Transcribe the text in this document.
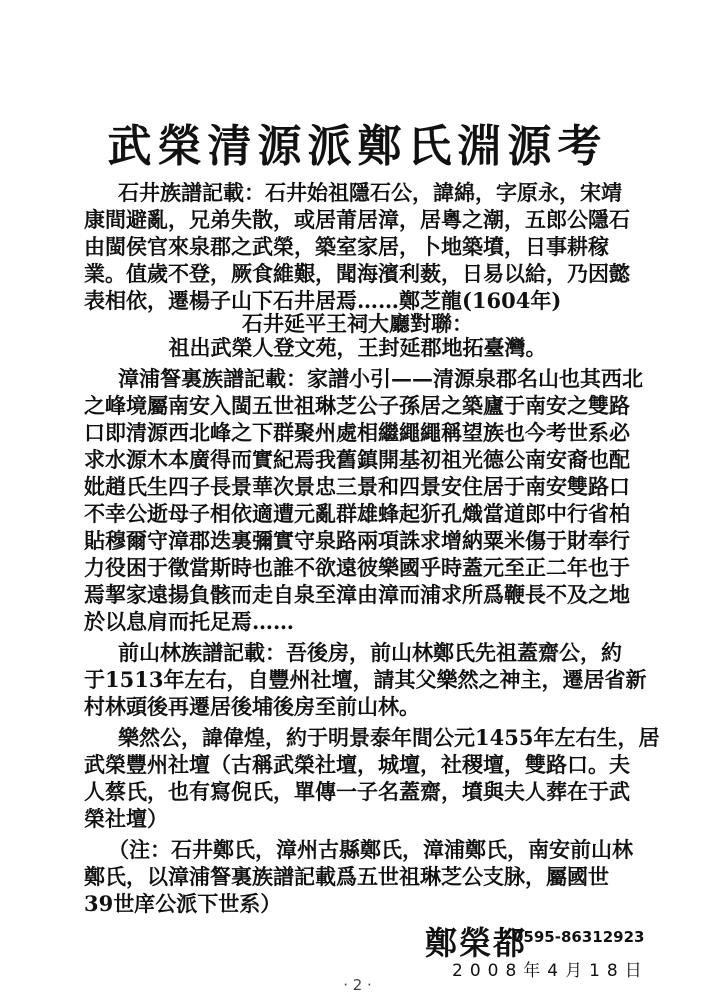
武榮清源派鄭氏淵源考
石井族譜記載：石井始祖隱石公，諱綿，字原永，宋靖
康間避亂，兄弟失散，或居莆居漳，居粵之潮，五郎公隱石
由閩侯官來泉郡之武榮，築室家居，卜地築墳，日事耕稼
業。值歲不登，厥食維艱，聞海濱利薮，日易以給，乃因懿
表相依，遷楊子山下石井居焉……鄭芝龍(1604年)
石井延平王祠大廳對聯：
祖出武榮人登文苑，王封延郡地拓臺灣。
漳浦詧裏族譜記載：家譜小引——清源泉郡名山也其西北
之峰境屬南安入閩五世祖琳芝公子孫居之築廬于南安之雙路
口即清源西北峰之下群聚州處相繼繩繩稱望族也今考世系必
求水源木本廣得而實紀焉我舊鎮開基初祖光德公南安裔也配
妣趙氏生四子長景華次景忠三景和四景安住居于南安雙路口
不幸公逝母子相依適遭元亂群雄蜂起㹞孔熾當道郎中行省柏
貼穆爾守漳郡迭裏彌實守泉路兩項誅求增納粟米傷于財奉行
力役困于徵當斯時也誰不欲遠彼樂國乎時蓋元至正二年也于
焉挈家遠揚負骸而走自泉至漳由漳而浦求所爲鞭長不及之地
於以息肩而托足焉……
前山林族譜記載：吾後房，前山林鄭氏先祖蓋齋公，約
于1513年左右，自豐州社壇，請其父樂然之神主，遷居省新
村林頭後再遷居後埔後房至前山林。
樂然公，諱偉煌，約于明景泰年間公元1455年左右生，居
武榮豐州社壇（古稱武榮社壇，城壇，社稷壇，雙路口。夫
人蔡氏，也有寫倪氏，單傳一子名蓋齋，墳與夫人葬在于武
榮社壇）
（注：石井鄭氏，漳州古縣鄭氏，漳浦鄭氏，南安前山林
鄭氏，以漳浦詧裏族譜記載爲五世祖琳芝公支脉，屬國世
39世庠公派下世系）
鄭榮都
0595-86312923
2008年4月18日
· 2 ·
